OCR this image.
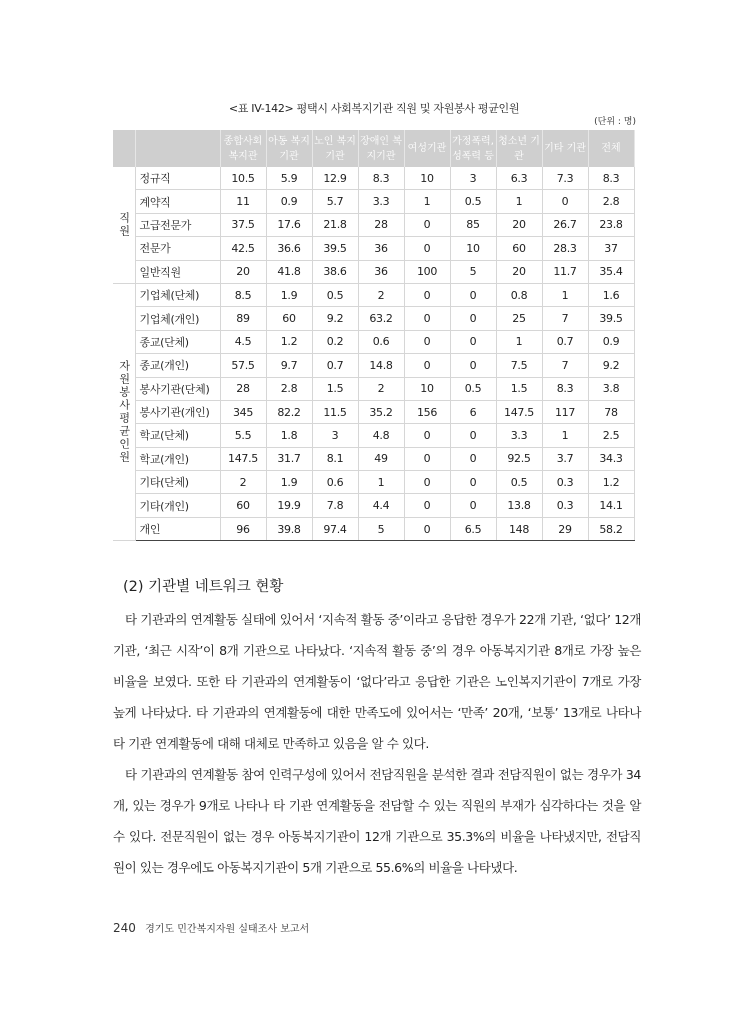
<표 IV-142> 평택시 사회복지기관 직원 및 자원봉사 평균인원
(단위 : 명)
		종합사회 복지관	아동 복지기관	노인 복지기관	장애인 복지기관	여성기관	가정폭력, 성폭력 등	청소년 기관	기타 기관	전체
직원	정규직	10.5	5.9	12.9	8.3	10	3	6.3	7.3	8.3
	계약직	11	0.9	5.7	3.3	1	0.5	1	0	2.8
	고급전문가	37.5	17.6	21.8	28	0	85	20	26.7	23.8
	전문가	42.5	36.6	39.5	36	0	10	60	28.3	37
	일반직원	20	41.8	38.6	36	100	5	20	11.7	35.4
자원봉사평균인원	기업체(단체)	8.5	1.9	0.5	2	0	0	0.8	1	1.6
	기업체(개인)	89	60	9.2	63.2	0	0	25	7	39.5
	종교(단체)	4.5	1.2	0.2	0.6	0	0	1	0.7	0.9
	종교(개인)	57.5	9.7	0.7	14.8	0	0	7.5	7	9.2
	봉사기관(단체)	28	2.8	1.5	2	10	0.5	1.5	8.3	3.8
	봉사기관(개인)	345	82.2	11.5	35.2	156	6	147.5	117	78
	학교(단체)	5.5	1.8	3	4.8	0	0	3.3	1	2.5
	학교(개인)	147.5	31.7	8.1	49	0	0	92.5	3.7	34.3
	기타(단체)	2	1.9	0.6	1	0	0	0.5	0.3	1.2
	기타(개인)	60	19.9	7.8	4.4	0	0	13.8	0.3	14.1
	개인	96	39.8	97.4	5	0	6.5	148	29	58.2
(2) 기관별 네트워크 현황

타 기관과의 연계활동 실태에 있어서 ‘지속적 활동 중’이라고 응답한 경우가 22개 기관, ‘없다’ 12개 기관, ‘최근 시작’이 8개 기관으로 나타났다. ‘지속적 활동 중’의 경우 아동복지기관 8개로 가장 높은 비율을 보였다. 또한 타 기관과의 연계활동이 ‘없다’라고 응답한 기관은 노인복지기관이 7개로 가장 높게 나타났다. 타 기관과의 연계활동에 대한 만족도에 있어서는 ‘만족’ 20개, ‘보통’ 13개로 나타나 타 기관 연계활동에 대해 대체로 만족하고 있음을 알 수 있다.

타 기관과의 연계활동 참여 인력구성에 있어서 전담직원을 분석한 결과 전담직원이 없는 경우가 34개, 있는 경우가 9개로 나타나 타 기관 연계활동을 전담할 수 있는 직원의 부재가 심각하다는 것을 알 수 있다. 전문직원이 없는 경우 아동복지기관이 12개 기관으로 35.3%의 비율을 나타냈지만, 전담직원이 있는 경우에도 아동복지기관이 5개 기관으로 55.6%의 비율을 나타냈다.

240 경기도 민간복지자원 실태조사 보고서
